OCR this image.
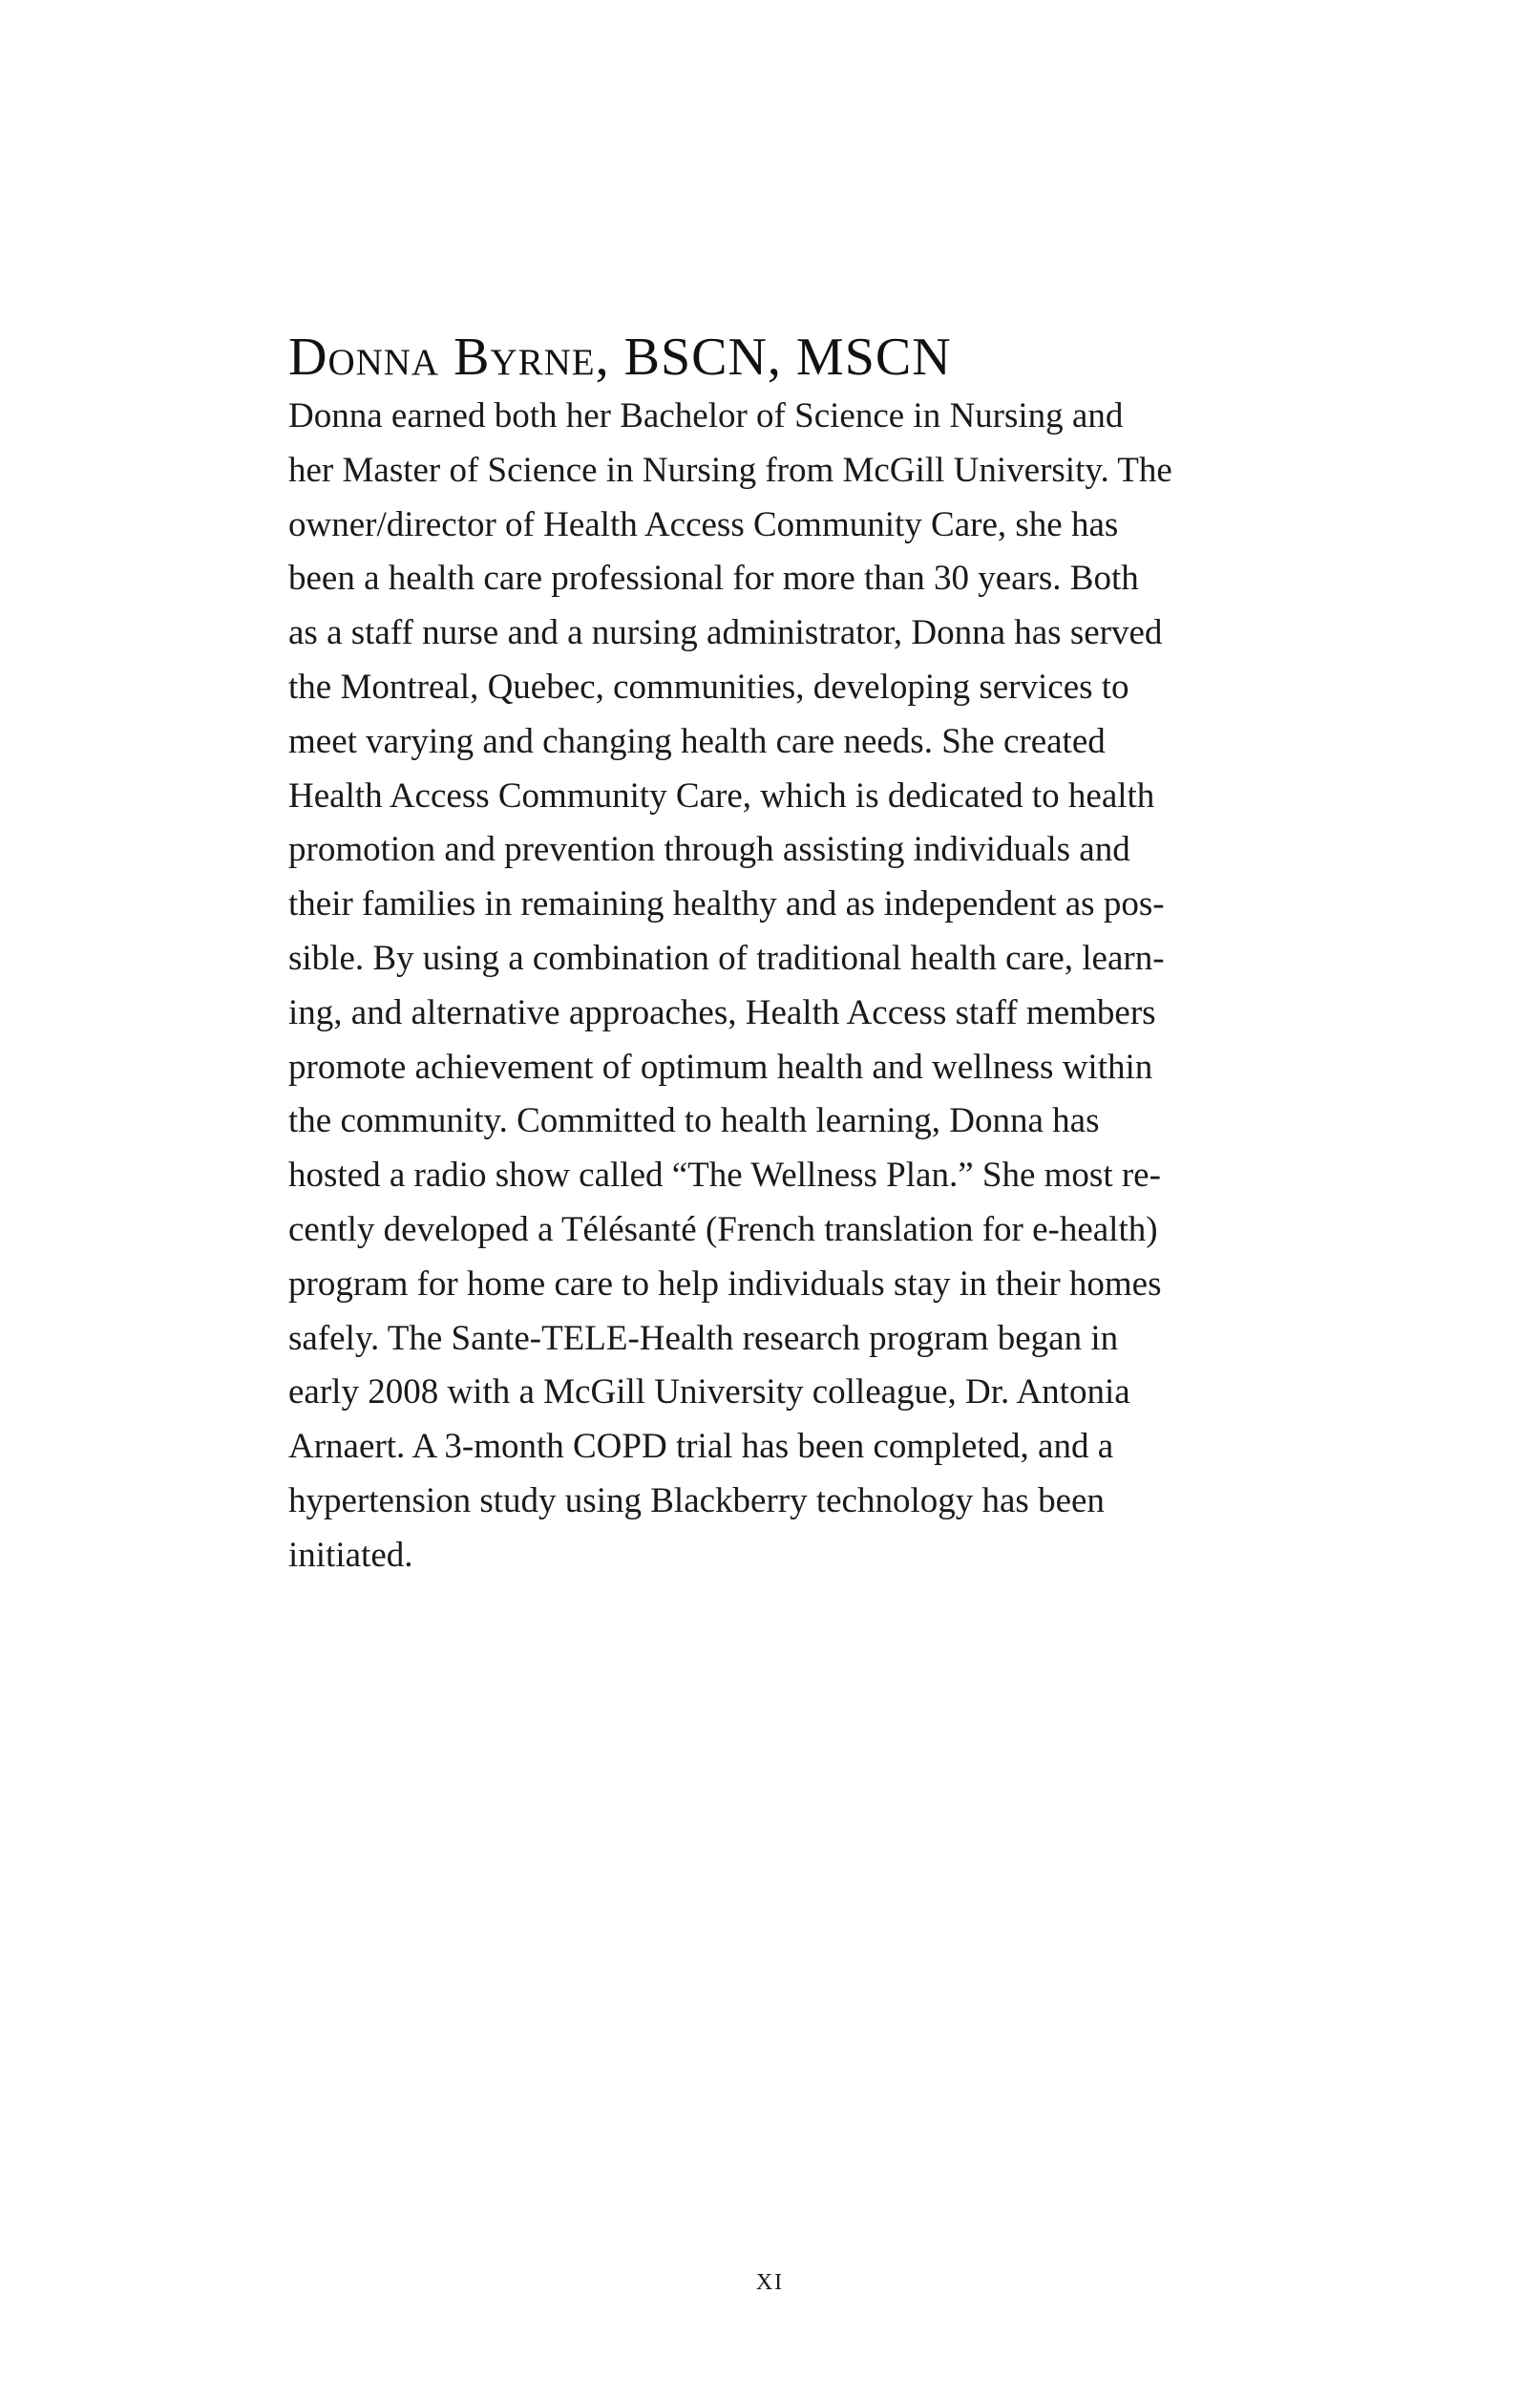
Donna Byrne, BSCN, MSCN
Donna earned both her Bachelor of Science in Nursing and
her Master of Science in Nursing from McGill University. The
owner/director of Health Access Community Care, she has
been a health care professional for more than 30 years. Both
as a staff nurse and a nursing administrator, Donna has served
the Montreal, Quebec, communities, developing services to
meet varying and changing health care needs. She created
Health Access Community Care, which is dedicated to health
promotion and prevention through assisting individuals and
their families in remaining healthy and as independent as pos-
sible. By using a combination of traditional health care, learn-
ing, and alternative approaches, Health Access staff members
promote achievement of optimum health and wellness within
the community. Committed to health learning, Donna has
hosted a radio show called “The Wellness Plan.” She most re-
cently developed a Télésanté (French translation for e-health)
program for home care to help individuals stay in their homes
safely. The Sante-TELE-Health research program began in
early 2008 with a McGill University colleague, Dr. Antonia
Arnaert. A 3-month COPD trial has been completed, and a
hypertension study using Blackberry technology has been
initiated.
xi
